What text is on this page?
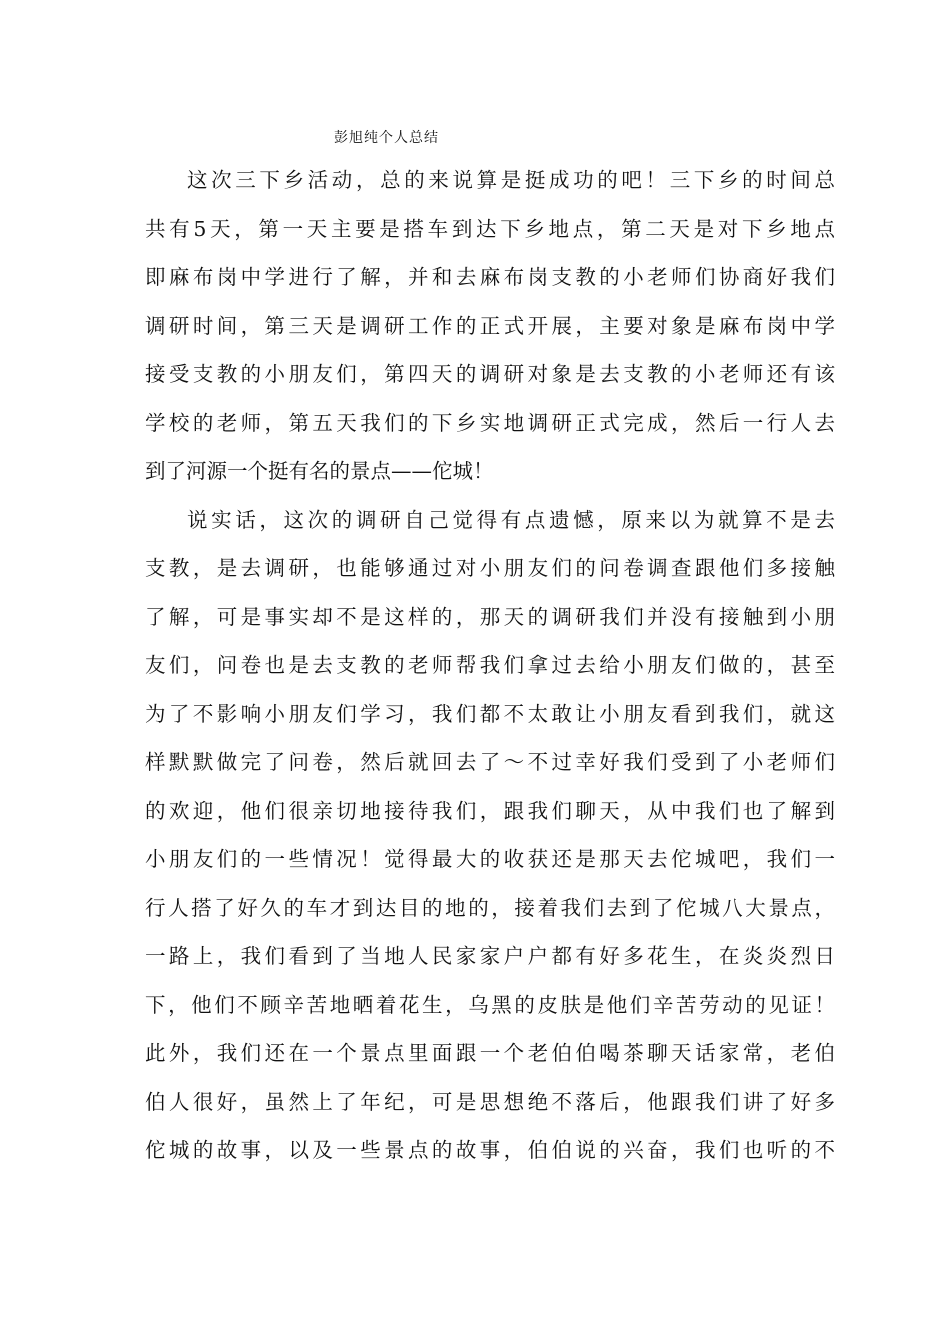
彭旭纯个人总结
这次三下乡活动，总的来说算是挺成功的吧！三下乡的时间总
共有5天，第一天主要是搭车到达下乡地点，第二天是对下乡地点
即麻布岗中学进行了解，并和去麻布岗支教的小老师们协商好我们
调研时间，第三天是调研工作的正式开展，主要对象是麻布岗中学
接受支教的小朋友们，第四天的调研对象是去支教的小老师还有该
学校的老师，第五天我们的下乡实地调研正式完成，然后一行人去
到了河源一个挺有名的景点——佗城！
说实话，这次的调研自己觉得有点遗憾，原来以为就算不是去
支教，是去调研，也能够通过对小朋友们的问卷调查跟他们多接触
了解，可是事实却不是这样的，那天的调研我们并没有接触到小朋
友们，问卷也是去支教的老师帮我们拿过去给小朋友们做的，甚至
为了不影响小朋友们学习，我们都不太敢让小朋友看到我们，就这
样默默做完了问卷，然后就回去了～不过幸好我们受到了小老师们
的欢迎，他们很亲切地接待我们，跟我们聊天，从中我们也了解到
小朋友们的一些情况！觉得最大的收获还是那天去佗城吧，我们一
行人搭了好久的车才到达目的地的，接着我们去到了佗城八大景点，
一路上，我们看到了当地人民家家户户都有好多花生，在炎炎烈日
下，他们不顾辛苦地晒着花生，乌黑的皮肤是他们辛苦劳动的见证！
此外，我们还在一个景点里面跟一个老伯伯喝茶聊天话家常，老伯
伯人很好，虽然上了年纪，可是思想绝不落后，他跟我们讲了好多
佗城的故事，以及一些景点的故事，伯伯说的兴奋，我们也听的不
